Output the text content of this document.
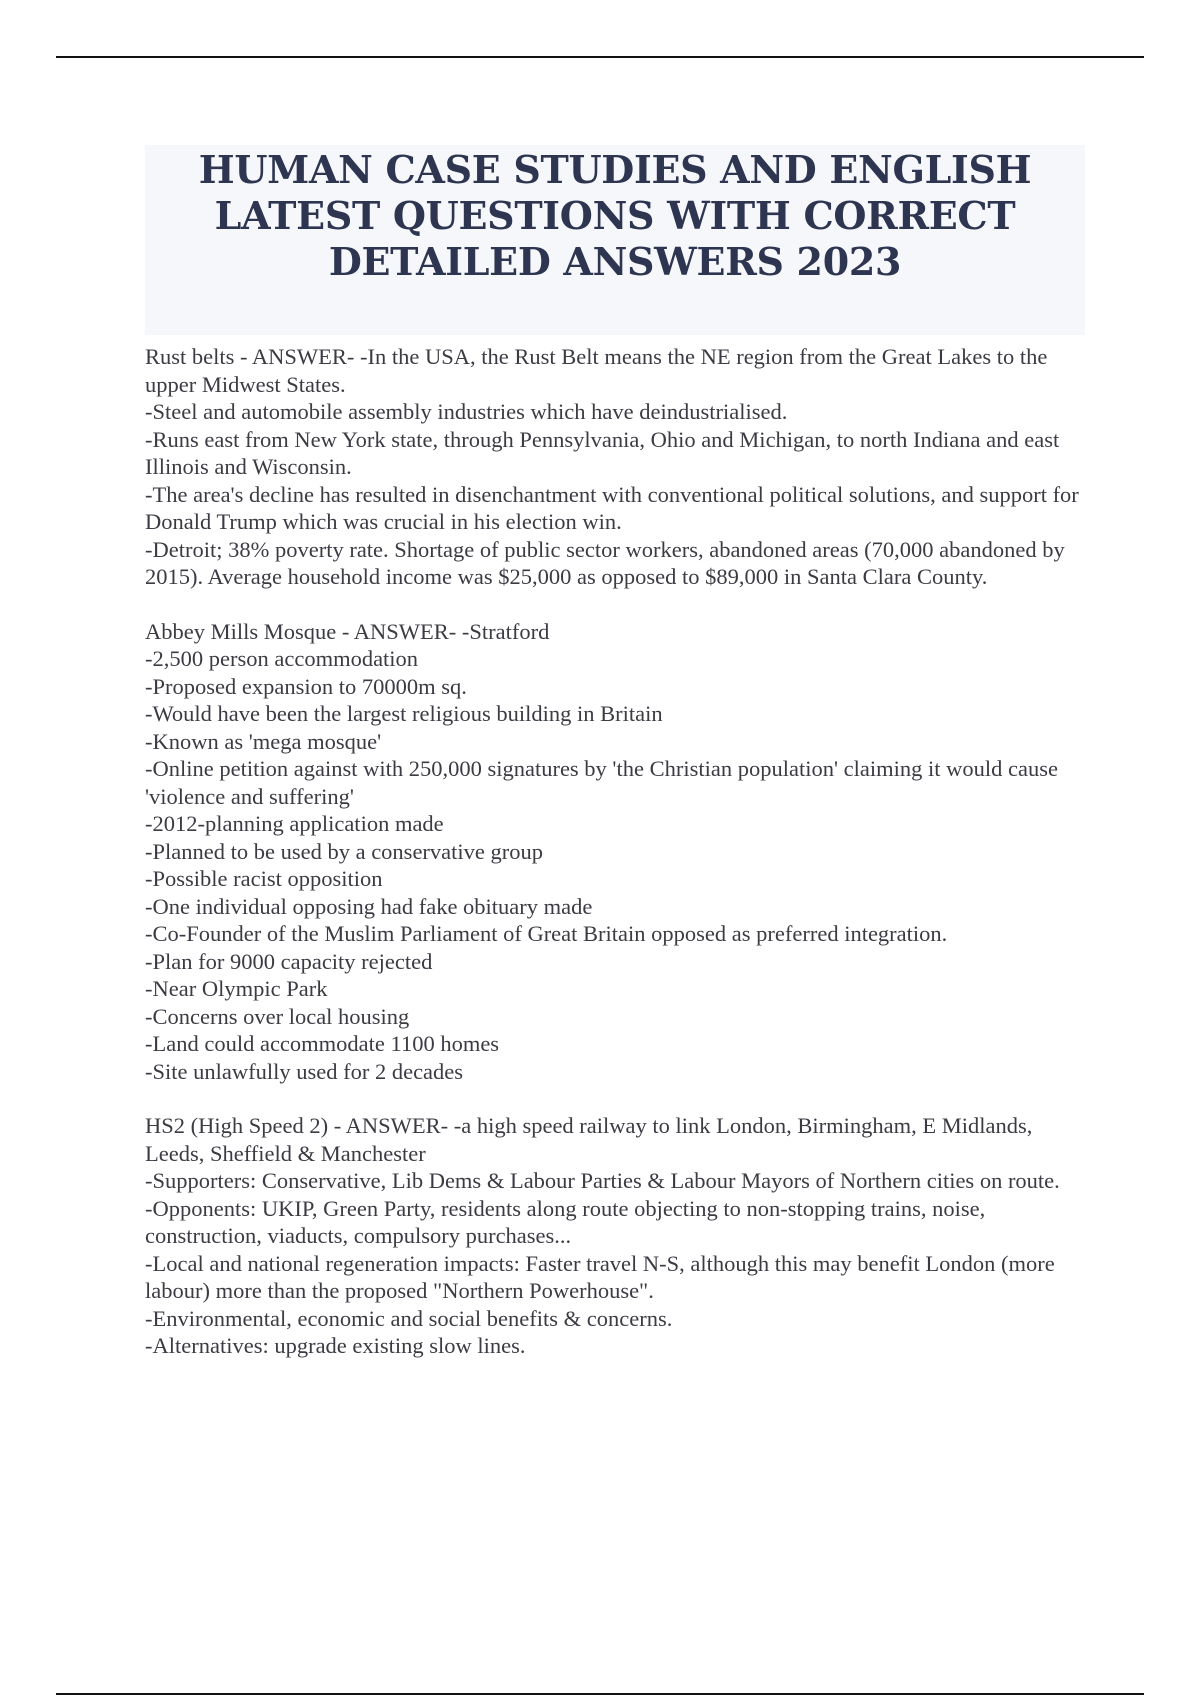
HUMAN CASE STUDIES AND ENGLISH LATEST QUESTIONS WITH CORRECT DETAILED ANSWERS 2023
Rust belts - ANSWER- -In the USA, the Rust Belt means the NE region from the Great Lakes to the upper Midwest States.
-Steel and automobile assembly industries which have deindustrialised.
-Runs east from New York state, through Pennsylvania, Ohio and Michigan, to north Indiana and east Illinois and Wisconsin.
-The area's decline has resulted in disenchantment with conventional political solutions, and support for Donald Trump which was crucial in his election win.
-Detroit; 38% poverty rate. Shortage of public sector workers, abandoned areas (70,000 abandoned by 2015). Average household income was $25,000 as opposed to $89,000 in Santa Clara County.
Abbey Mills Mosque - ANSWER- -Stratford
-2,500 person accommodation
-Proposed expansion to 70000m sq.
-Would have been the largest religious building in Britain
-Known as 'mega mosque'
-Online petition against with 250,000 signatures by 'the Christian population' claiming it would cause 'violence and suffering'
-2012-planning application made
-Planned to be used by a conservative group
-Possible racist opposition
-One individual opposing had fake obituary made
-Co-Founder of the Muslim Parliament of Great Britain opposed as preferred integration.
-Plan for 9000 capacity rejected
-Near Olympic Park
-Concerns over local housing
-Land could accommodate 1100 homes
-Site unlawfully used for 2 decades
HS2 (High Speed 2) - ANSWER- -a high speed railway to link London, Birmingham, E Midlands, Leeds, Sheffield & Manchester
-Supporters: Conservative, Lib Dems & Labour Parties & Labour Mayors of Northern cities on route.
-Opponents: UKIP, Green Party, residents along route objecting to non-stopping trains, noise, construction, viaducts, compulsory purchases...
-Local and national regeneration impacts: Faster travel N-S, although this may benefit London (more labour) more than the proposed "Northern Powerhouse".
-Environmental, economic and social benefits & concerns.
-Alternatives: upgrade existing slow lines.
